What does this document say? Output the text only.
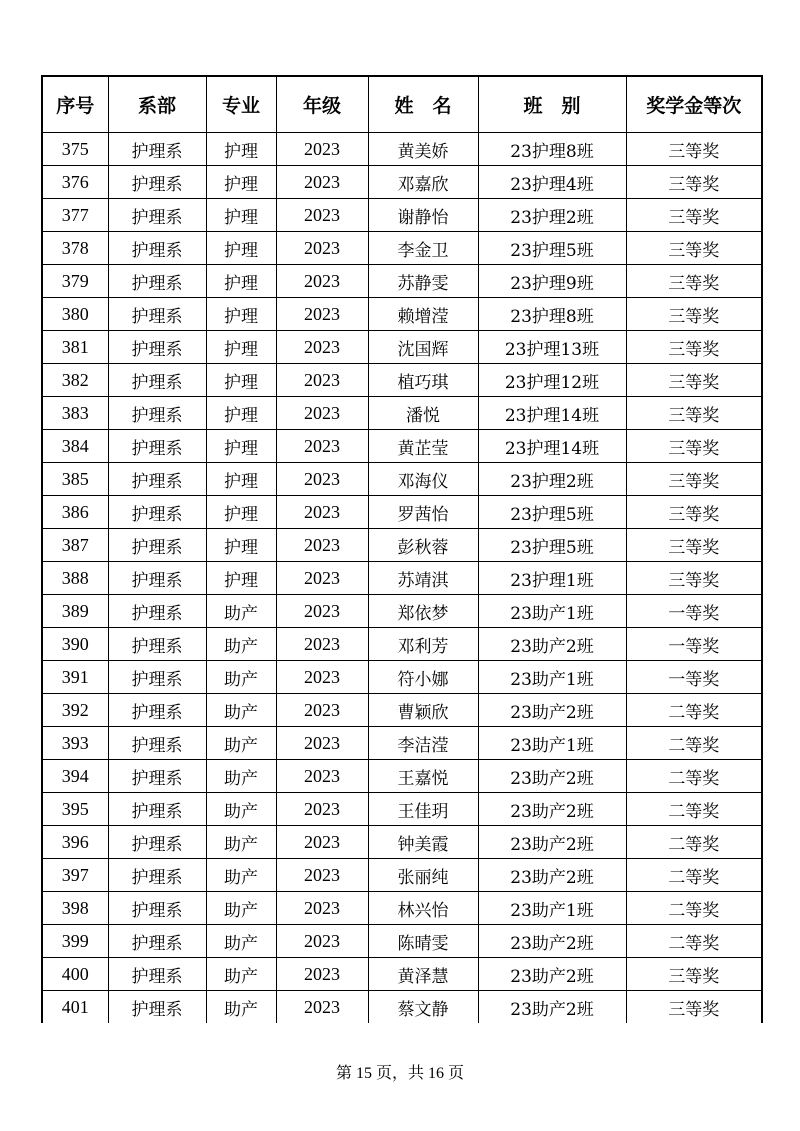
序号	系部	专业	年级	姓　名	班　别	奖学金等次
375	护理系	护理	2023	黄美娇	23护理8班	三等奖
376	护理系	护理	2023	邓嘉欣	23护理4班	三等奖
377	护理系	护理	2023	谢静怡	23护理2班	三等奖
378	护理系	护理	2023	李金卫	23护理5班	三等奖
379	护理系	护理	2023	苏静雯	23护理9班	三等奖
380	护理系	护理	2023	赖增滢	23护理8班	三等奖
381	护理系	护理	2023	沈国辉	23护理13班	三等奖
382	护理系	护理	2023	植巧琪	23护理12班	三等奖
383	护理系	护理	2023	潘悦	23护理14班	三等奖
384	护理系	护理	2023	黄芷莹	23护理14班	三等奖
385	护理系	护理	2023	邓海仪	23护理2班	三等奖
386	护理系	护理	2023	罗茜怡	23护理5班	三等奖
387	护理系	护理	2023	彭秋蓉	23护理5班	三等奖
388	护理系	护理	2023	苏靖淇	23护理1班	三等奖
389	护理系	助产	2023	郑依梦	23助产1班	一等奖
390	护理系	助产	2023	邓利芳	23助产2班	一等奖
391	护理系	助产	2023	符小娜	23助产1班	一等奖
392	护理系	助产	2023	曹颖欣	23助产2班	二等奖
393	护理系	助产	2023	李洁滢	23助产1班	二等奖
394	护理系	助产	2023	王嘉悦	23助产2班	二等奖
395	护理系	助产	2023	王佳玥	23助产2班	二等奖
396	护理系	助产	2023	钟美霞	23助产2班	二等奖
397	护理系	助产	2023	张丽纯	23助产2班	二等奖
398	护理系	助产	2023	林兴怡	23助产1班	二等奖
399	护理系	助产	2023	陈晴雯	23助产2班	二等奖
400	护理系	助产	2023	黄泽慧	23助产2班	三等奖
401	护理系	助产	2023	蔡文静	23助产2班	三等奖
第 15 页，共 16 页
